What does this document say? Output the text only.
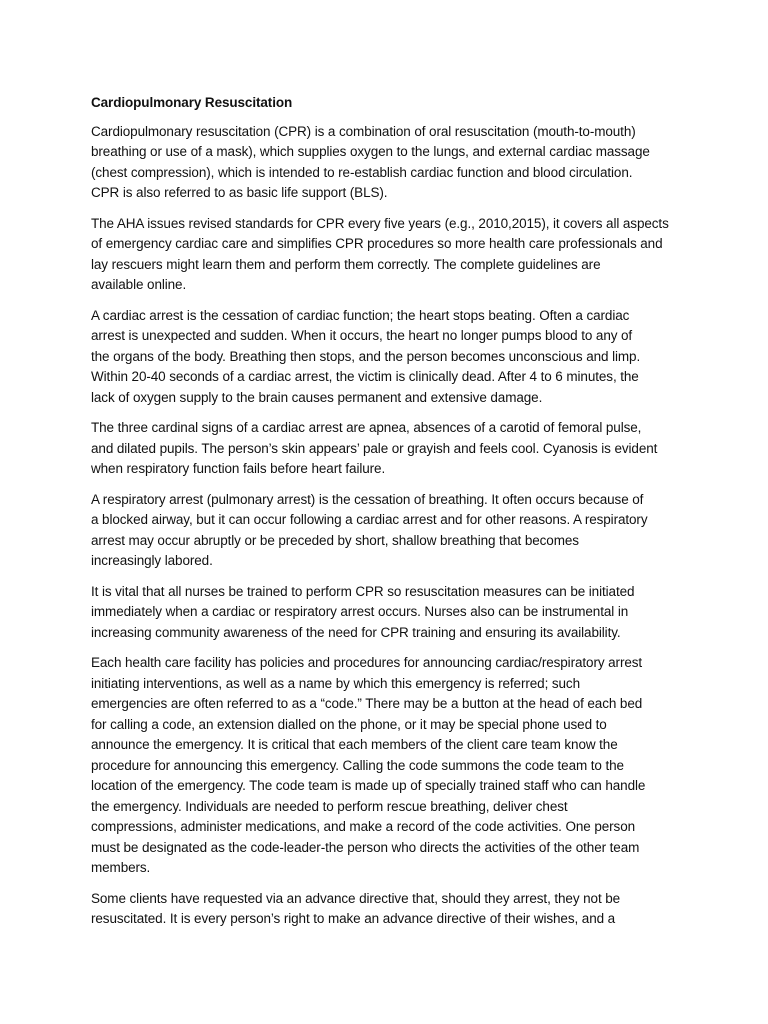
Cardiopulmonary Resuscitation
Cardiopulmonary resuscitation (CPR) is a combination of oral resuscitation (mouth-to-mouth)
breathing or use of a mask), which supplies oxygen to the lungs, and external cardiac massage
(chest compression), which is intended to re-establish cardiac function and blood circulation.
CPR is also referred to as basic life support (BLS).
The AHA issues revised standards for CPR every five years (e.g., 2010,2015), it covers all aspects
of emergency cardiac care and simplifies CPR procedures so more health care professionals and
lay rescuers might learn them and perform them correctly. The complete guidelines are
available online.
A cardiac arrest is the cessation of cardiac function; the heart stops beating. Often a cardiac
arrest is unexpected and sudden. When it occurs, the heart no longer pumps blood to any of
the organs of the body. Breathing then stops, and the person becomes unconscious and limp.
Within 20-40 seconds of a cardiac arrest, the victim is clinically dead. After 4 to 6 minutes, the
lack of oxygen supply to the brain causes permanent and extensive damage.
The three cardinal signs of a cardiac arrest are apnea, absences of a carotid of femoral pulse,
and dilated pupils. The person’s skin appears’ pale or grayish and feels cool. Cyanosis is evident
when respiratory function fails before heart failure.
A respiratory arrest (pulmonary arrest) is the cessation of breathing. It often occurs because of
a blocked airway, but it can occur following a cardiac arrest and for other reasons. A respiratory
arrest may occur abruptly or be preceded by short, shallow breathing that becomes
increasingly labored.
It is vital that all nurses be trained to perform CPR so resuscitation measures can be initiated
immediately when a cardiac or respiratory arrest occurs. Nurses also can be instrumental in
increasing community awareness of the need for CPR training and ensuring its availability.
Each health care facility has policies and procedures for announcing cardiac/respiratory arrest
initiating interventions, as well as a name by which this emergency is referred; such
emergencies are often referred to as a “code.” There may be a button at the head of each bed
for calling a code, an extension dialled on the phone, or it may be special phone used to
announce the emergency. It is critical that each members of the client care team know the
procedure for announcing this emergency. Calling the code summons the code team to the
location of the emergency. The code team is made up of specially trained staff who can handle
the emergency. Individuals are needed to perform rescue breathing, deliver chest
compressions, administer medications, and make a record of the code activities. One person
must be designated as the code-leader-the person who directs the activities of the other team
members.
Some clients have requested via an advance directive that, should they arrest, they not be
resuscitated. It is every person’s right to make an advance directive of their wishes, and a
